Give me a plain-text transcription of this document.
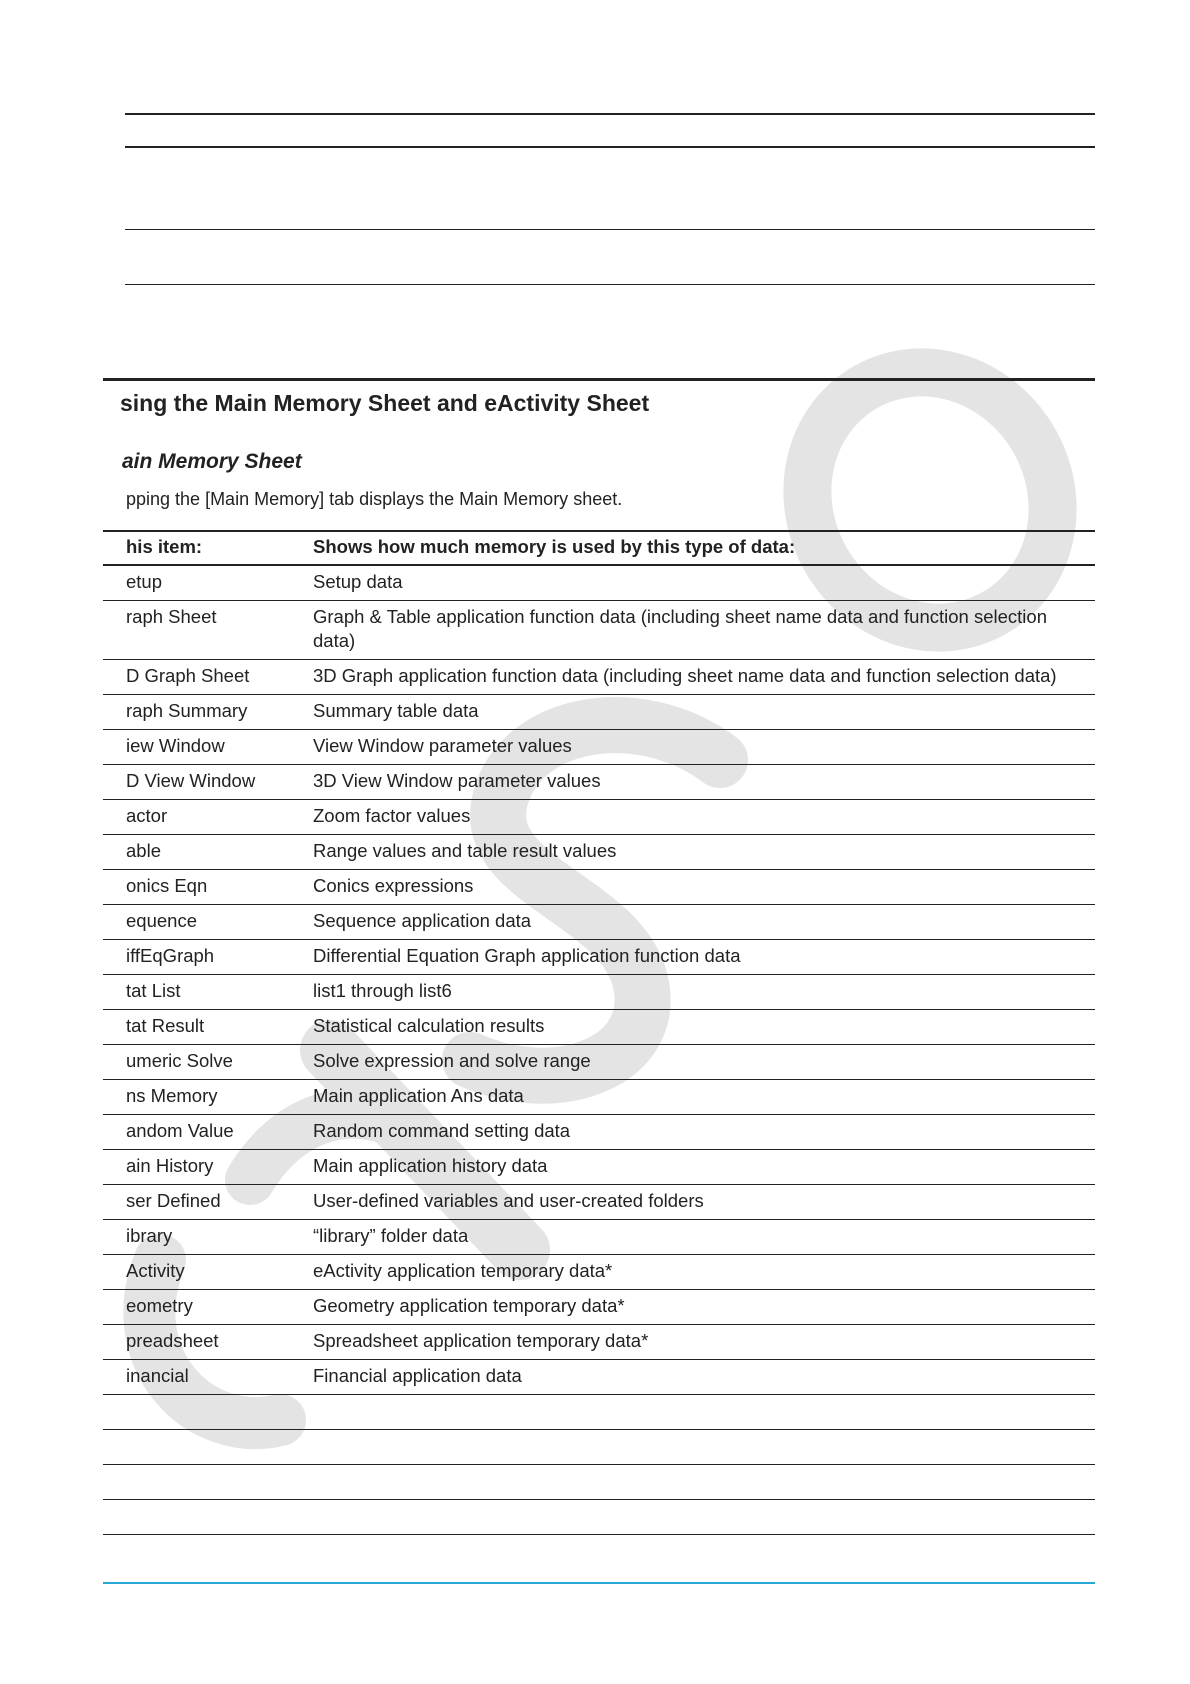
sing the Main Memory Sheet and eActivity Sheet
ain Memory Sheet

pping the [Main Memory] tab displays the Main Memory sheet.

his item:	Shows how much memory is used by this type of data:
etup	Setup data
raph Sheet	Graph & Table application function data (including sheet name data and function selection data)
D Graph Sheet	3D Graph application function data (including sheet name data and function selection data)
raph Summary	Summary table data
iew Window	View Window parameter values
D View Window	3D View Window parameter values
actor	Zoom factor values
able	Range values and table result values
onics Eqn	Conics expressions
equence	Sequence application data
iffEqGraph	Differential Equation Graph application function data
tat List	list1 through list6
tat Result	Statistical calculation results
umeric Solve	Solve expression and solve range
ns Memory	Main application Ans data
andom Value	Random command setting data
ain History	Main application history data
ser Defined	User-defined variables and user-created folders
ibrary	“library” folder data
Activity	eActivity application temporary data*
eometry	Geometry application temporary data*
preadsheet	Spreadsheet application temporary data*
inancial	Financial application data
